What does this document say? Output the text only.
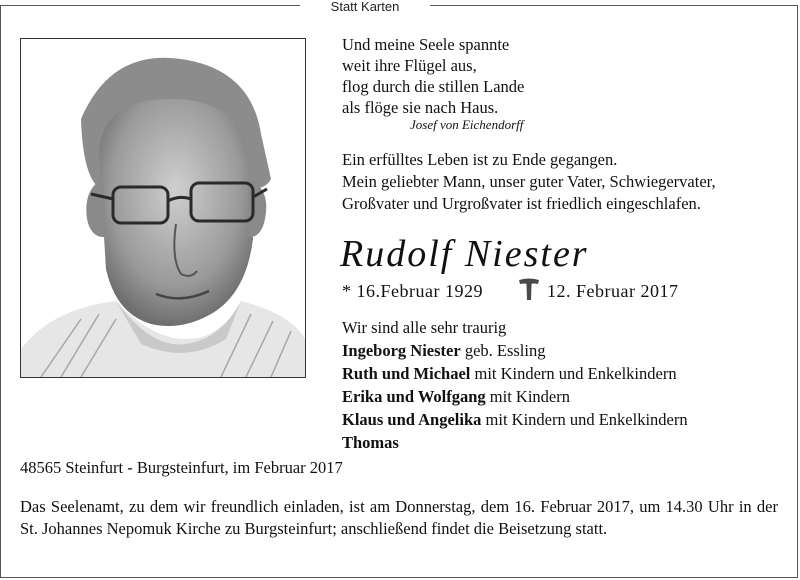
Statt Karten
Und meine Seele spannte
weit ihre Flügel aus,
flog durch die stillen Lande
als flöge sie nach Haus.
Josef von Eichendorff
Ein erfülltes Leben ist zu Ende gegangen.
Mein geliebter Mann, unser guter Vater, Schwiegervater,
Großvater und Urgroßvater ist friedlich eingeschlafen.
Rudolf Niester
* 16.Februar 1929	12. Februar 2017
Wir sind alle sehr traurig
Ingeborg Niester geb. Essling
Ruth und Michael mit Kindern und Enkelkindern
Erika und Wolfgang mit Kindern
Klaus und Angelika mit Kindern und Enkelkindern
Thomas
48565 Steinfurt - Burgsteinfurt, im Februar 2017
Das Seelenamt, zu dem wir freundlich einladen, ist am Donnerstag, dem 16. Februar 2017, um 14.30 Uhr in der St. Johannes Nepomuk Kirche zu Burgsteinfurt; anschließend findet die Beisetzung statt.
